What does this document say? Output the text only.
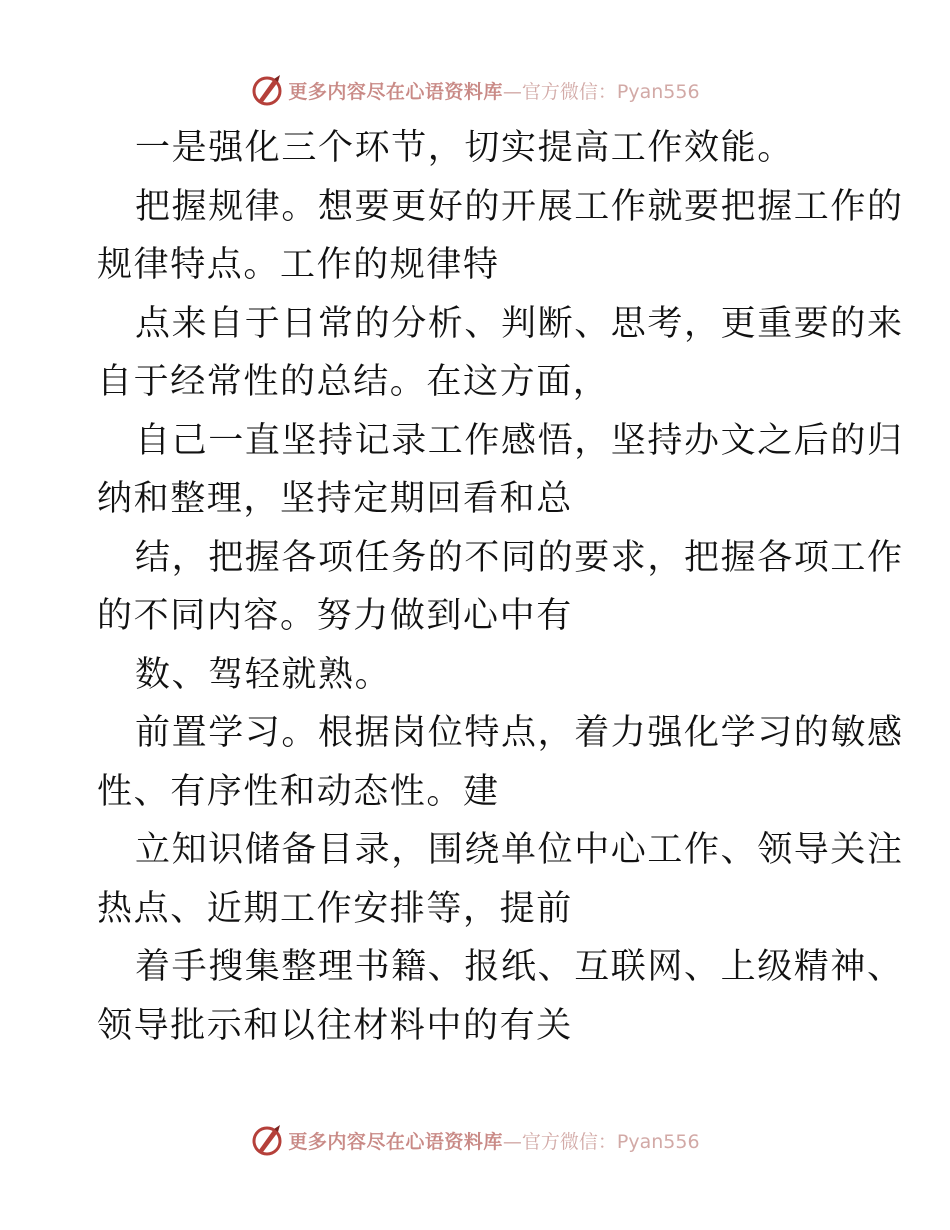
更多内容尽在心语资料库 —官方微信：Pyan556
一是强化三个环节，切实提高工作效能。
把握规律。想要更好的开展工作就要把握工作的
规律特点。工作的规律特
点来自于日常的分析、判断、思考，更重要的来
自于经常性的总结。在这方面，
自己一直坚持记录工作感悟，坚持办文之后的归
纳和整理，坚持定期回看和总
结，把握各项任务的不同的要求，把握各项工作
的不同内容。努力做到心中有
数、驾轻就熟。
前置学习。根据岗位特点，着力强化学习的敏感
性、有序性和动态性。建
立知识储备目录，围绕单位中心工作、领导关注
热点、近期工作安排等，提前
着手搜集整理书籍、报纸、互联网、上级精神、
领导批示和以往材料中的有关
更多内容尽在心语资料库 —官方微信：Pyan556
